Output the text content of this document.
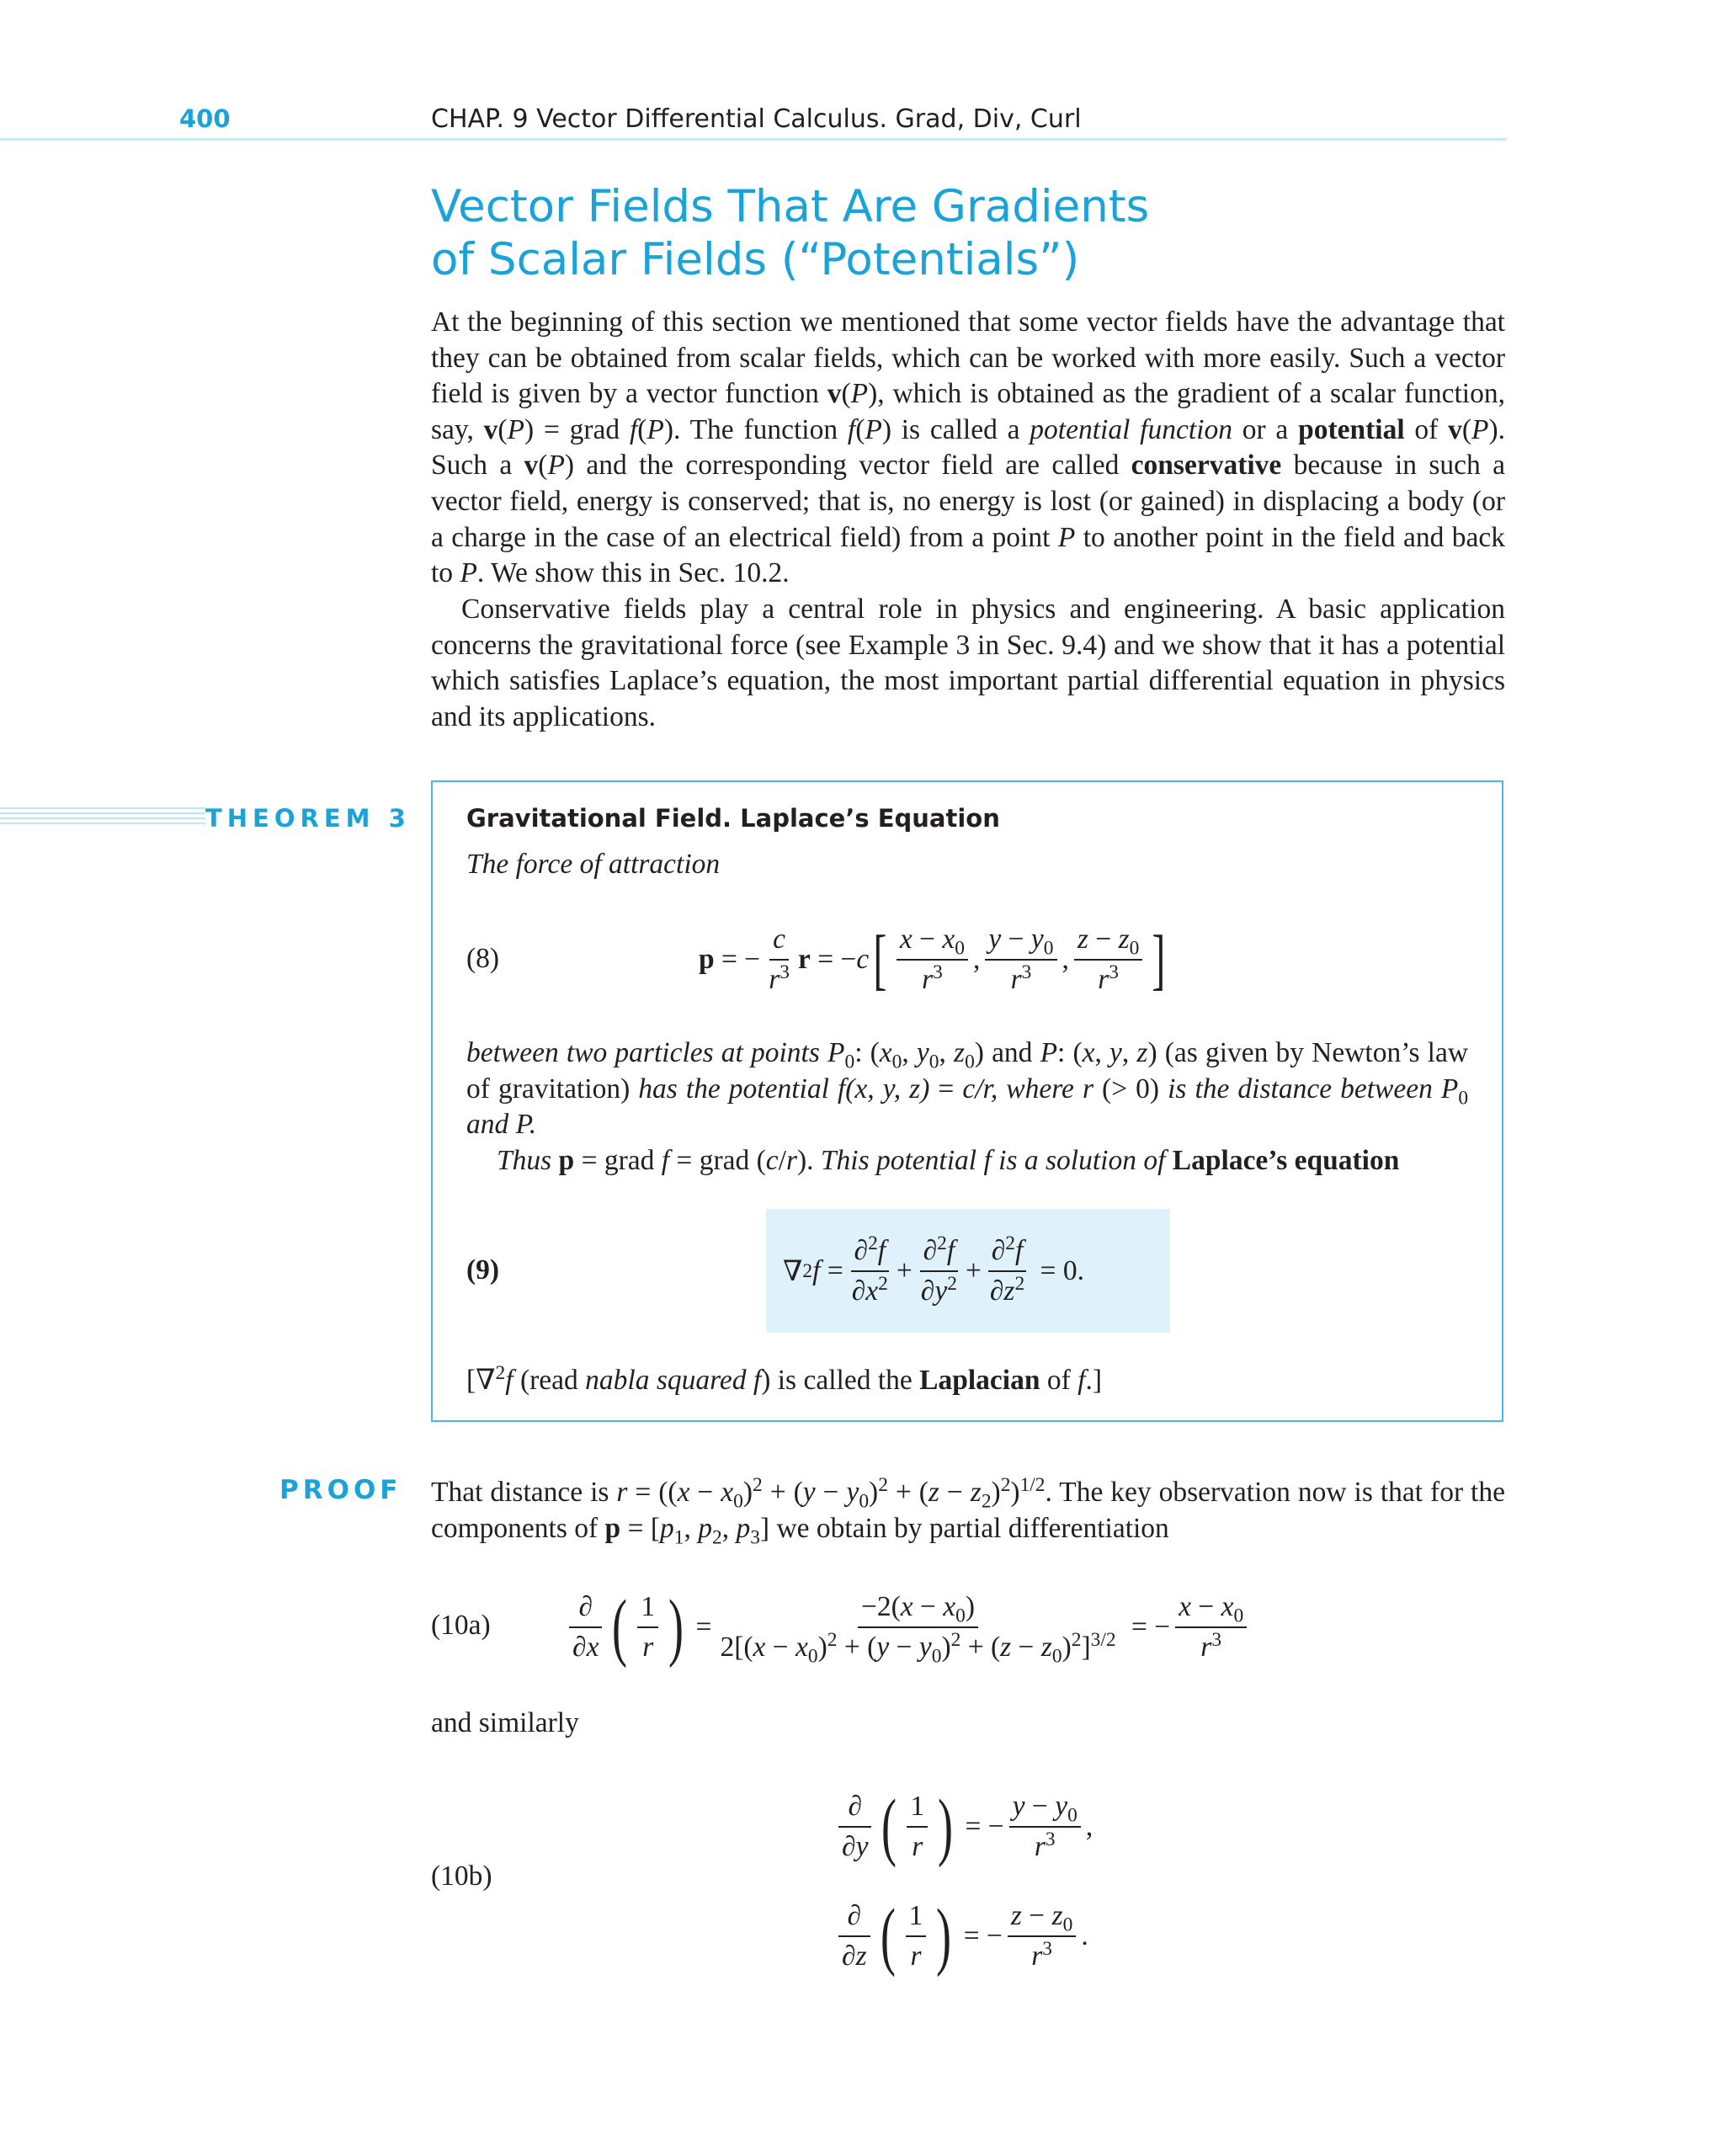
400	CHAP. 9 Vector Differential Calculus. Grad, Div, Curl
Vector Fields That Are Gradients
of Scalar Fields (“Potentials”)

At the beginning of this section we mentioned that some vector fields have the advantage that they can be obtained from scalar fields, which can be worked with more easily. Such a vector field is given by a vector function v(P), which is obtained as the gradient of a scalar function, say, v(P) = grad f(P). The function f(P) is called a potential function or a potential of v(P). Such a v(P) and the corresponding vector field are called conservative because in such a vector field, energy is conserved; that is, no energy is lost (or gained) in displacing a body (or a charge in the case of an electrical field) from a point P to another point in the field and back to P. We show this in Sec. 10.2.

Conservative fields play a central role in physics and engineering. A basic application concerns the gravitational force (see Example 3 in Sec. 9.4) and we show that it has a potential which satisfies Laplace’s equation, the most important partial differential equation in physics and its applications.

THEOREM 3 Gravitational Field. Laplace’s Equation
The force of attraction
(8)	p = − $\frac{c}{r^3}$ r = − c [ $\frac{x - x_0}{r^3}$ , $\frac{y - y_0}{r^3}$ , $\frac{z - z_0}{r^3}$ ]

between two particles at points $P_0$: ($x_0$, $y_0$, $z_0$) and P: (x, y, z) (as given by Newton’s law of gravitation) has the potential f(x, y, z) = c/r, where r (> 0) is the distance between $P_0$ and P.

Thus p = grad f = grad (c/r). This potential f is a solution of Laplace’s equation

(9)	∇ 2 $f = \frac{\partial^2f}{\partial x^2} + \frac{\partial^2f}{\partial y^2} + \frac{\partial^2f}{\partial z^2} = 0$.

[∇$^2$f (read nabla squared f) is called the Laplacian of f.]

PROOF That distance is $r = ((x - x_0)^2 + (y - y_0)^2 + (z - z_2)^2)^{1/2}$. The key observation now is that for the components of $p = [p_1$, $p_2$, $p_3$] we obtain by partial differentiation

(10a)	$\frac{\partial}{\partial x}$ ( $\frac{1}{r}$ ) = $\frac{-2(x - x_0)}{2[(x - x_0)^2 + (y - y_0)^2 + (z - z_0)^2]^{3/2}}$ = − $\frac{x - x_0}{r^3}$
and similarly
(10b)
$\frac{\partial}{\partial y}$ ( $\frac{1}{r}$ ) = − $\frac{y - y_0}{r^3}$ ,
$\frac{\partial}{\partial z}$ ( $\frac{1}{r}$ ) = − $\frac{z - z_0}{r^3}$ .
